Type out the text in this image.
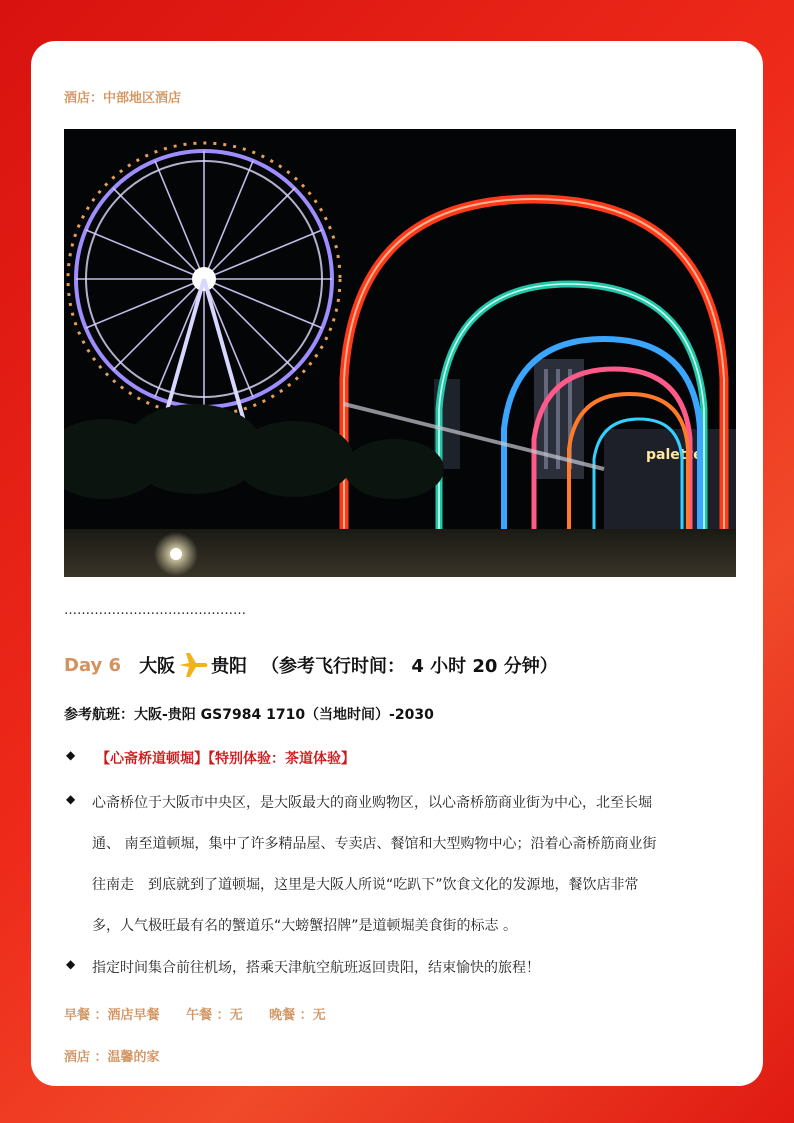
酒店：中部地区酒店
palette
……………………………………
Day 6 大阪 贵阳 （参考飞行时间： 4 小时 20 分钟）
参考航班：大阪-贵阳 GS7984 1710（当地时间）-2030
◆ 【心斋桥道顿堀】【特别体验：茶道体验】
◆ 心斋桥位于大阪市中央区，是大阪最大的商业购物区，以心斋桥筋商业街为中心，北至长堀
通、 南至道顿堀，集中了许多精品屋、专卖店、餐馆和大型购物中心；沿着心斋桥筋商业街
往南走　到底就到了道顿堀，这里是大阪人所说“吃趴下”饮食文化的发源地，餐饮店非常
多，人气极旺最有名的蟹道乐“大螃蟹招牌”是道顿堀美食街的标志 。
◆ 指定时间集合前往机场，搭乘天津航空航班返回贵阳，结束愉快的旅程！
早餐 ：酒店早餐 午餐 ：无 晚餐 ：无
酒店 ：温馨的家
